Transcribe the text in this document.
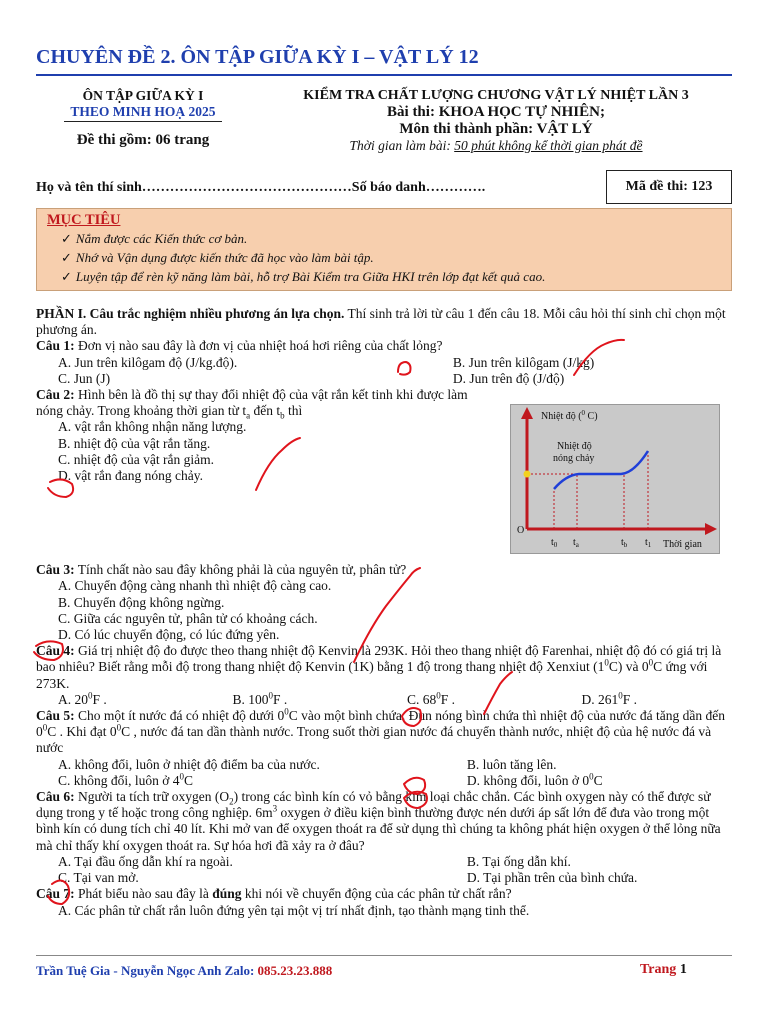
CHUYÊN ĐỀ 2. ÔN TẬP GIỮA KỲ I – VẬT LÝ 12
ÔN TẬP GIỮA KỲ I
THEO MINH HOẠ 2025
Đề thi gồm: 06 trang
KIỂM TRA CHẤT LƯỢNG CHƯƠNG VẬT LÝ NHIỆT LẦN 3
Bài thi: KHOA HỌC TỰ NHIÊN;
Môn thi thành phần: VẬT LÝ
Thời gian làm bài: 50 phút không kể thời gian phát đề
Họ và tên thí sinh………………………………………Số báo danh………….	Mã đề thi: 123
MỤC TIÊU
✓ Nắm được các Kiến thức cơ bản.
✓ Nhớ và Vận dụng được kiến thức đã học vào làm bài tập.
✓ Luyện tập để rèn kỹ năng làm bài, hỗ trợ Bài Kiểm tra Giữa HKI trên lớp đạt kết quả cao.

PHẦN I. Câu trắc nghiệm nhiều phương án lựa chọn. Thí sinh trả lời từ câu 1 đến câu 18. Mỗi câu hỏi thí sinh chỉ chọn một phương án.

Câu 1: Đơn vị nào sau đây là đơn vị của nhiệt hoá hơi riêng của chất lỏng?

A. Jun trên kilôgam độ (J/kg.độ).	B. Jun trên kilôgam (J/kg)
C. Jun (J)	D. Jun trên độ (J/độ)

Câu 2: Hình bên là đồ thị sự thay đổi nhiệt độ của vật rắn kết tinh khi được làm nóng chảy. Trong khoảng thời gian từ $t_a$ đến $t_b$ thì

A. vật rắn không nhận năng lượng.
B. nhiệt độ của vật rắn tăng.
C. nhiệt độ của vật rắn giảm.
D. vật rắn đang nóng chảy.

Câu 3: Tính chất nào sau đây không phải là của nguyên tử, phân tử?

A. Chuyển động càng nhanh thì nhiệt độ càng cao.
B. Chuyển động không ngừng.
C. Giữa các nguyên tử, phân tử có khoảng cách.
D. Có lúc chuyển động, có lúc đứng yên.

Câu 4: Giá trị nhiệt độ đo được theo thang nhiệt độ Kenvin là 293K. Hỏi theo thang nhiệt độ Farenhai, nhiệt độ đó có giá trị là bao nhiêu? Biết rằng mỗi độ trong thang nhiệt độ Kenvin (1K) bằng 1 độ trong thang nhiệt độ Xenxiut $(1^0C)$ và $0^0C$ ứng với 273K.

A. $20^0F$ .	B. $100^0F$ .	C. $68^0F$ .	D. $261^0F$ .

Câu 5: Cho một ít nước đá có nhiệt độ dưới $0^0C$ vào một bình chứa. Đun nóng bình chứa thì nhiệt độ của nước đá tăng dần đến $0^0C$ . Khi đạt $0^0C$ , nước đá tan dần thành nước. Trong suốt thời gian nước đá chuyển thành nước, nhiệt độ của hệ nước đá và nước

A. không đổi, luôn ở nhiệt độ điểm ba của nước.	B. luôn tăng lên.
C. không đổi, luôn ở $4^0C$	D. không đổi, luôn ở $0^0C$

Câu 6: Người ta tích trữ oxygen $(O_2)$ trong các bình kín có vỏ bằng kim loại chắc chắn. Các bình oxygen này có thể được sử dụng trong y tế hoặc trong công nghiệp. $6m^3$ oxygen ở điều kiện bình thường được nén dưới áp sất lớn để đưa vào trong một bình kín có dung tích chỉ 40 lít. Khi mở van để oxygen thoát ra để sử dụng thì chúng ta không phát hiện oxygen ở thể lỏng nữa mà chỉ thấy khí oxygen thoát ra. Sự hóa hơi đã xảy ra ở đâu?

A. Tại đầu ống dẫn khí ra ngoài.	B. Tại ống dẫn khí.
C. Tại van mở.	D. Tại phần trên của bình chứa.

Câu 7: Phát biểu nào sau đây là đúng khi nói về chuyển động của các phân tử chất rắn?

A. Các phân tử chất rắn luôn đứng yên tại một vị trí nhất định, tạo thành mạng tinh thể.
Nhiệt độ ($^0$ C)
Nhiệt độ
nóng chảy
O
$t_0$ $t_a$	$t_b$ $t_1$ Thời gian
Trần Tuệ Gia - Nguyễn Ngọc Anh Zalo: 085.23.23.888	Trang 1
